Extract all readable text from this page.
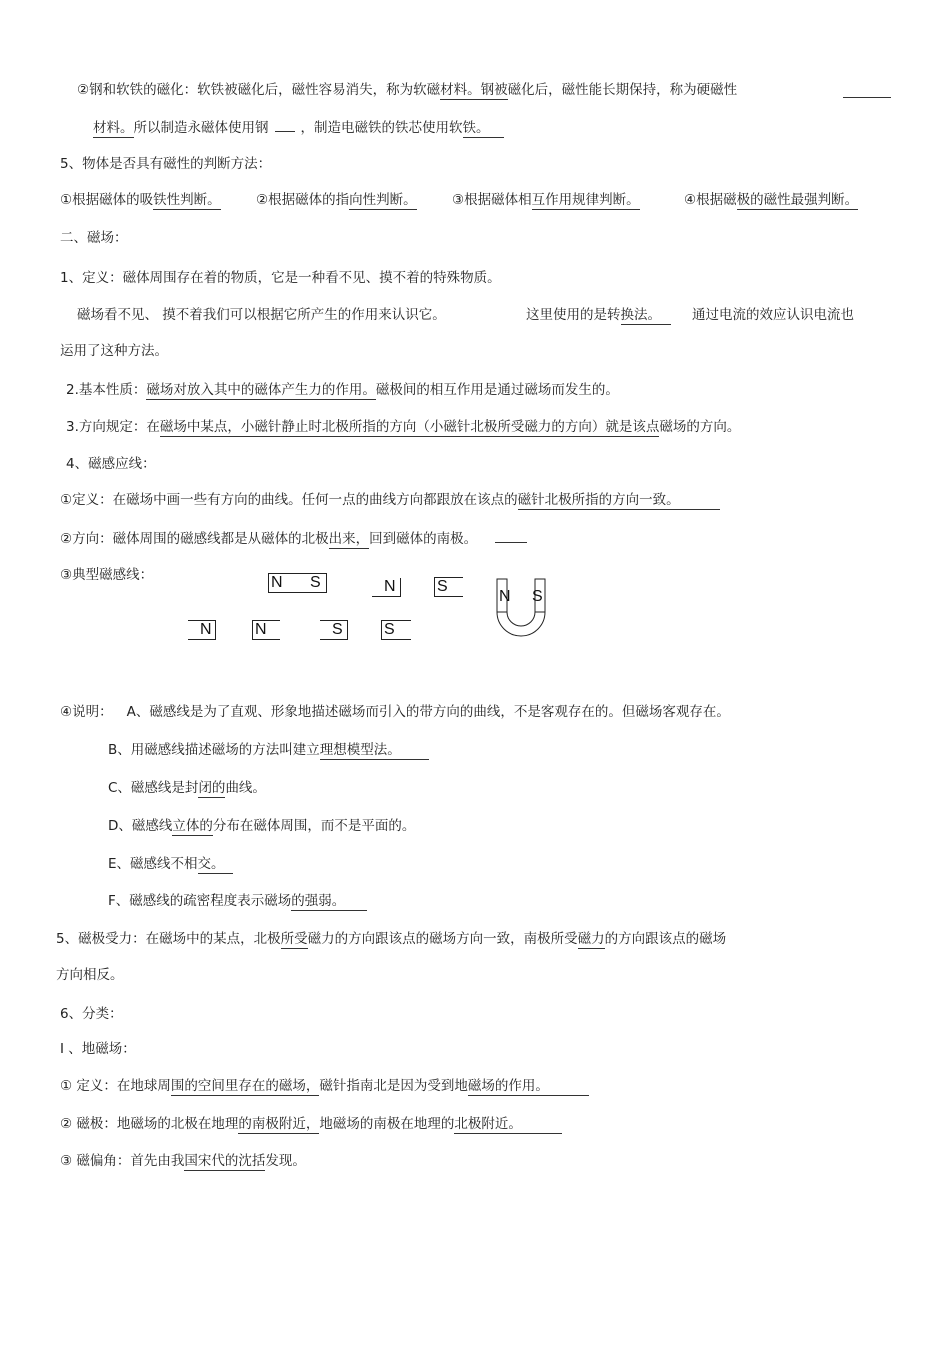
②钢和软铁的磁化：软铁被磁化后，磁性容易消失，称为软磁材料。钢被磁化后，磁性能长期保持，称为硬磁性
材料。所以制造永磁体使用钢 ，制造电磁铁的铁芯使用软铁。
5、物体是否具有磁性的判断方法：
①根据磁体的吸铁性判断。	②根据磁体的指向性判断。	③根据磁体相互作用规律判断。	④根据磁极的磁性最强判断。
二、磁场：
1、定义：磁体周围存在着的物质，它是一种看不见、摸不着的特殊物质。
磁场看不见、 摸不着我们可以根据它所产生的作用来认识它。	这里使用的是转换法。	通过电流的效应认识电流也
运用了这种方法。
2.基本性质：磁场对放入其中的磁体产生力的作用。磁极间的相互作用是通过磁场而发生的。
3.方向规定：在磁场中某点，小磁针静止时北极所指的方向（小磁针北极所受磁力的方向）就是该点磁场的方向。
4、磁感应线：
①定义：在磁场中画一些有方向的曲线。任何一点的曲线方向都跟放在该点的磁针北极所指的方向一致。
②方向：磁体周围的磁感线都是从磁体的北极出来，回到磁体的南极。
③典型磁感线：	N S	N	S
N	N	S	S
N S
④说明： A、磁感线是为了直观、形象地描述磁场而引入的带方向的曲线，不是客观存在的。但磁场客观存在。
B、用磁感线描述磁场的方法叫建立理想模型法。
C、磁感线是封闭的曲线。
D、磁感线立体的分布在磁体周围，而不是平面的。
E、磁感线不相交。
F、磁感线的疏密程度表示磁场的强弱。
5、磁极受力：在磁场中的某点，北极所受磁力的方向跟该点的磁场方向一致，南极所受磁力的方向跟该点的磁场
方向相反。
6、分类：
Ⅰ 、地磁场：
① 定义：在地球周围的空间里存在的磁场，磁针指南北是因为受到地磁场的作用。
② 磁极：地磁场的北极在地理的南极附近，地磁场的南极在地理的北极附近。
③ 磁偏角：首先由我国宋代的沈括发现。
